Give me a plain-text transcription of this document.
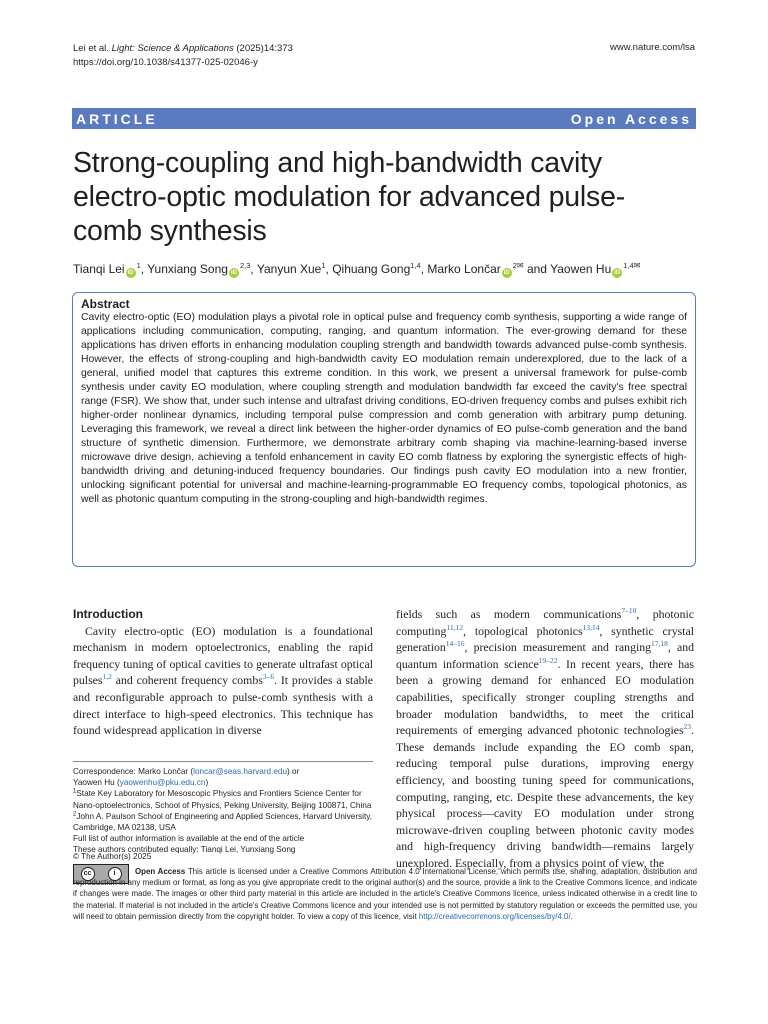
Lei et al. Light: Science & Applications (2025)14:373
https://doi.org/10.1038/s41377-025-02046-y
www.nature.com/lsa
ARTICLE	Open Access
Strong-coupling and high-bandwidth cavity electro-optic modulation for advanced pulse-comb synthesis
Tianqi Lei $iD^1$, Yunxiang Song iD$^{2,3}$, Yanyun Xue$^1$, Qihuang Gong$^{1,4}$, Marko Lončar $iD^{2✉}$ and Yaowen Hu $iD^{1,4✉}$

Abstract

Cavity electro-optic (EO) modulation plays a pivotal role in optical pulse and frequency comb synthesis, supporting a wide range of applications including communication, computing, ranging, and quantum information. The ever-growing demand for these applications has driven efforts in enhancing modulation coupling strength and bandwidth towards advanced pulse-comb synthesis. However, the effects of strong-coupling and high-bandwidth cavity EO modulation remain underexplored, due to the lack of a general, unified model that captures this extreme condition. In this work, we present a universal framework for pulse-comb synthesis under cavity EO modulation, where coupling strength and modulation bandwidth far exceed the cavity's free spectral range (FSR). We show that, under such intense and ultrafast driving conditions, EO-driven frequency combs and pulses exhibit rich higher-order nonlinear dynamics, including temporal pulse compression and comb generation with arbitrary pump detuning. Leveraging this framework, we reveal a direct link between the higher-order dynamics of EO pulse-comb generation and the band structure of synthetic dimension. Furthermore, we demonstrate arbitrary comb shaping via machine-learning-based inverse microwave drive design, achieving a tenfold enhancement in cavity EO comb flatness by exploring the synergistic effects of high-bandwidth driving and detuning-induced frequency boundaries. Our findings push cavity EO modulation into a new frontier, unlocking significant potential for universal and machine-learning-programmable EO frequency combs, topological photonics, as well as photonic quantum computing in the strong-coupling and high-bandwidth regimes.

Introduction

Cavity electro-optic (EO) modulation is a foundational mechanism in modern optoelectronics, enabling the rapid frequency tuning of optical cavities to generate ultrafast optical pulses$^{1,2}$ and coherent frequency combs$^{3-6}$. It provides a stable and reconfigurable approach to pulse-comb synthesis with a direct interface to high-speed electronics. This technique has found widespread application in diverse

fields such as modern communications$^{7-10}$, photonic computing$^{11,12}$, topological photonics$^{13,14}$, synthetic crystal generation$^{14-16}$, precision measurement and ranging$^{17,18}$, and quantum information science$^{19-22}$. In recent years, there has been a growing demand for enhanced EO modulation capabilities, specifically stronger coupling strengths and broader modulation bandwidths, to meet the critical requirements of emerging advanced photonic technologies$^{23}$. These demands include expanding the EO comb span, reducing temporal pulse durations, improving energy efficiency, and boosting tuning speed for communications, computing, ranging, etc. Despite these advancements, the key physical process—cavity EO modulation under strong microwave-driven coupling between photonic cavity modes and high-frequency driving bandwidth—remains largely unexplored. Especially, from a physics point of view, the

Correspondence: Marko Lončar (loncar@seas.harvard.edu) or
Yaowen Hu (yaowenhu@pku.edu.cn)

$^1$State Key Laboratory for Mesoscopic Physics and Frontiers Science Center for Nano-optoelectronics, School of Physics, Peking University, Beijing 100871, China

$^2$John A. Paulson School of Engineering and Applied Sciences, Harvard University, Cambridge, MA 02138, USA

Full list of author information is available at the end of the article

These authors contributed equally: Tianqi Lei, Yunxiang Song

© The Author(s) 2025
cc	i	Open Access This article is licensed under a Creative Commons Attribution 4.0 International License, which permits use, sharing, adaptation, distribution and reproduction in any medium or format, as long as you give appropriate credit to the original author(s) and the source, provide a link to the Creative Commons licence, and indicate if changes were made. The images or other third party material in this article are included in the article's Creative Commons licence, unless indicated otherwise in a credit line to the material. If material is not included in the article's Creative Commons licence and your intended use is not permitted by statutory regulation or exceeds the permitted use, you will need to obtain permission directly from the copyright holder. To view a copy of this licence, visit http://creativecommons.org/licenses/by/4.0/.
